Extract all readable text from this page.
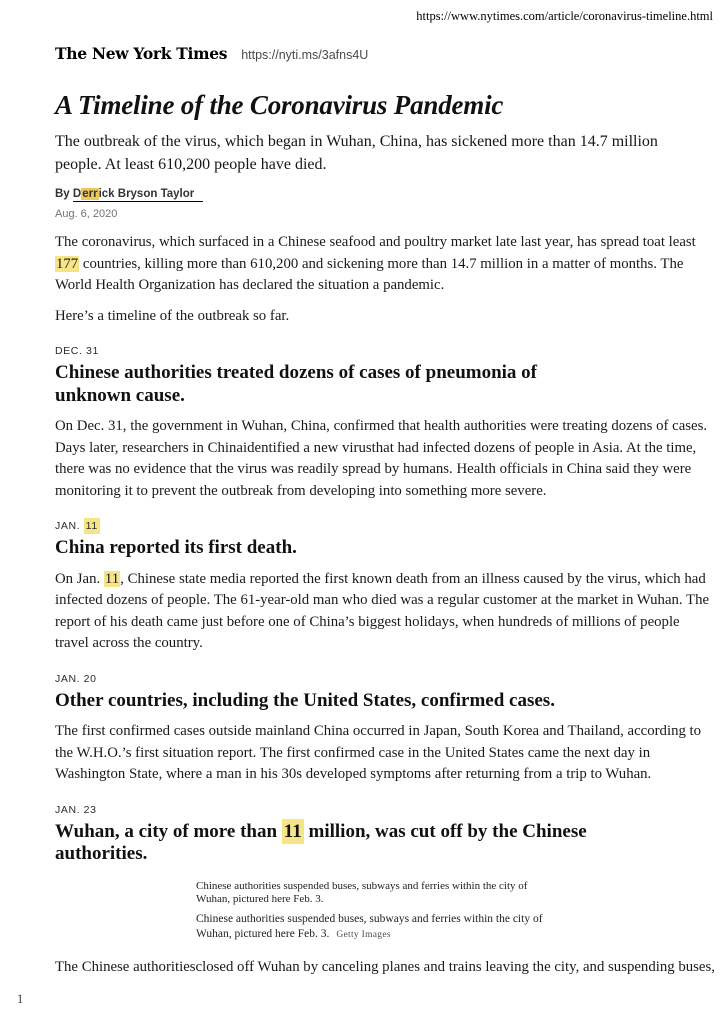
https://www.nytimes.com/article/coronavirus-timeline.html
The New York Times https://nyti.ms/3afns4U
A Timeline of the Coronavirus Pandemic

The outbreak of the virus, which began in Wuhan, China, has sickened more than 14.7 million
people. At least 610,200 people have died.

By Derrick Bryson Taylor
Aug. 6, 2020

The coronavirus, which surfaced in a Chinese seafood and poultry market late last year, has spread toat least 177 countries, killing more than 610,200 and sickening more than 14.7 million in a matter of months. The World Health Organization has declared the situation a pandemic.

Here’s a timeline of the outbreak so far.

DEC. 31
Chinese authorities treated dozens of cases of pneumonia of
unknown cause.

On Dec. 31, the government in Wuhan, China, confirmed that health authorities were treating dozens of cases. Days later, researchers in Chinaidentified a new virusthat had infected dozens of people in Asia. At the time, there was no evidence that the virus was readily spread by humans. Health officials in China said they were monitoring it to prevent the outbreak from developing into something more severe.

JAN. 11
China reported its first death.

On Jan. 11, Chinese state media reported the first known death from an illness caused by the virus, which had infected dozens of people. The 61-year-old man who died was a regular customer at the market in Wuhan. The report of his death came just before one of China’s biggest holidays, when hundreds of millions of people travel across the country.

JAN. 20
Other countries, including the United States, confirmed cases.

The first confirmed cases outside mainland China occurred in Japan, South Korea and Thailand, according to the W.H.O.’s first situation report. The first confirmed case in the United States came the next day in Washington State, where a man in his 30s developed symptoms after returning from a trip to Wuhan.

JAN. 23
Wuhan, a city of more than 11 million, was cut off by the Chinese
authorities.

Chinese authorities suspended buses, subways and ferries within the city of
Wuhan, pictured here Feb. 3.

Chinese authorities suspended buses, subways and ferries within the city of
Wuhan, pictured here Feb. 3. Getty Images

The Chinese authoritiesclosed off Wuhan by canceling planes and trains leaving the city, and suspending buses,

1
